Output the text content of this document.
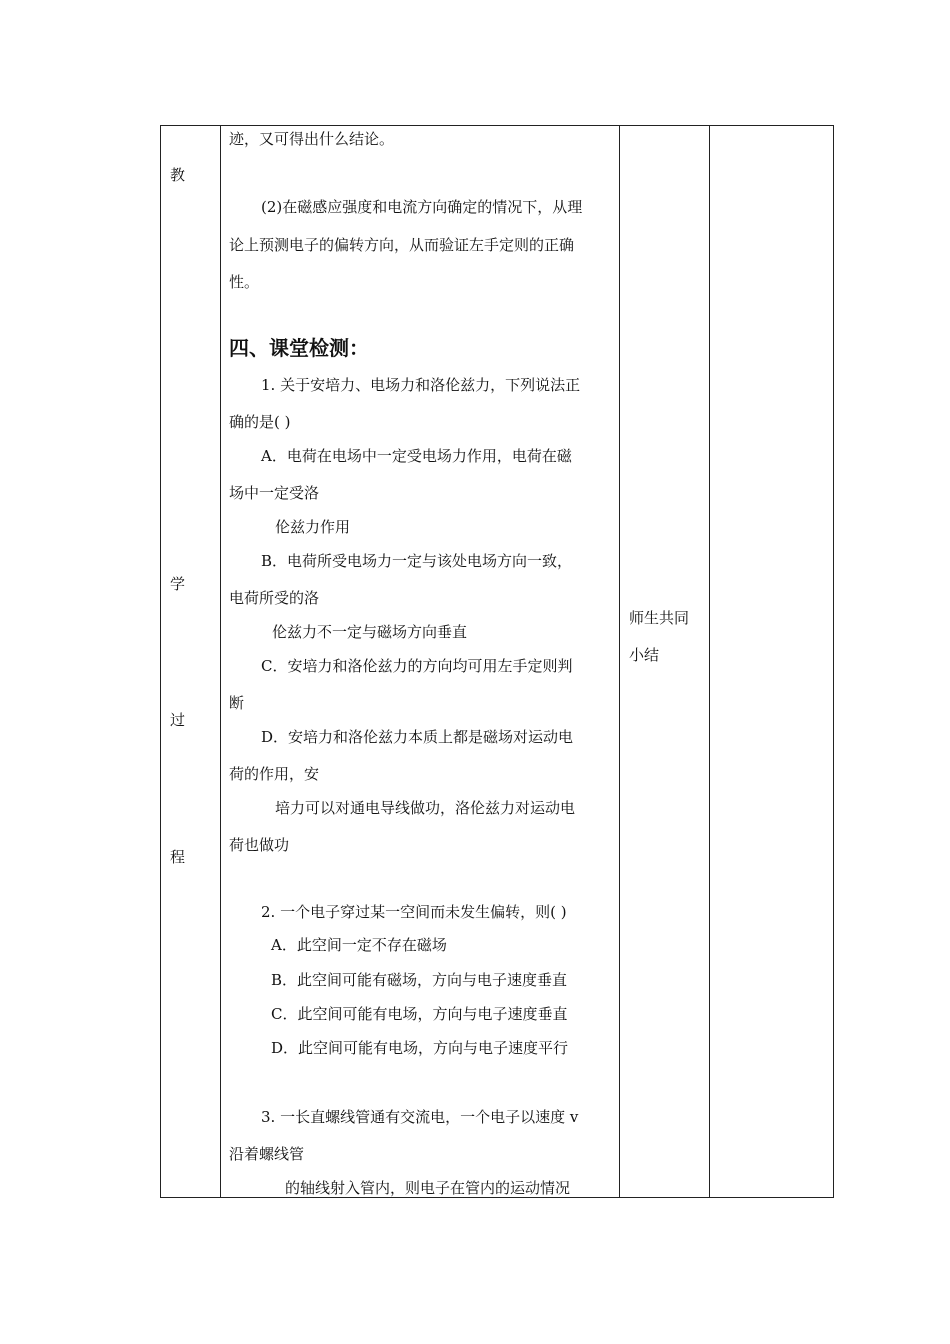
教
学
过
程
迹，又可得出什么结论。
(2)在磁感应强度和电流方向确定的情况下，从理
论上预测电子的偏转方向，从而验证左手定则的正确
性。
四、课堂检测：
1. 关于安培力、电场力和洛伦兹力，下列说法正
确的是( )
A．电荷在电场中一定受电场力作用，电荷在磁
场中一定受洛
伦兹力作用
B．电荷所受电场力一定与该处电场方向一致，
电荷所受的洛
伦兹力不一定与磁场方向垂直
C．安培力和洛伦兹力的方向均可用左手定则判
断
D．安培力和洛伦兹力本质上都是磁场对运动电
荷的作用，安
培力可以对通电导线做功，洛伦兹力对运动电
荷也做功
2. 一个电子穿过某一空间而未发生偏转，则( )
A．此空间一定不存在磁场
B．此空间可能有磁场，方向与电子速度垂直
C．此空间可能有电场，方向与电子速度垂直
D．此空间可能有电场，方向与电子速度平行
3. 一长直螺线管通有交流电，一个电子以速度 v
沿着螺线管
的轴线射入管内，则电子在管内的运动情况
师生共同
小结
